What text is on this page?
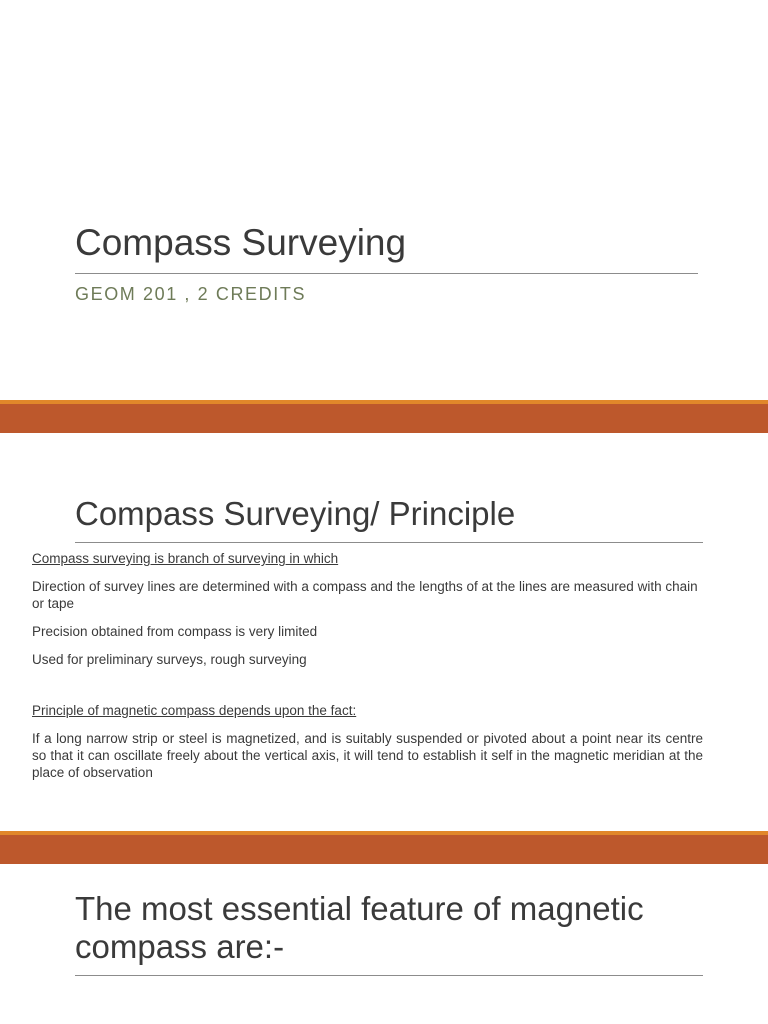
Compass Surveying
GEOM 201 , 2 CREDITS
Compass Surveying/ Principle

Compass surveying is branch of surveying in which

Direction of survey lines are determined with a compass and the lengths of at the lines are measured with chain or tape

Precision obtained from compass is very limited

Used for preliminary surveys, rough surveying

Principle of magnetic compass depends upon the fact:

If a long narrow strip or steel is magnetized, and is suitably suspended or pivoted about a point near its centre so that it can oscillate freely about the vertical axis, it will tend to establish it self in the magnetic meridian at the place of observation

The most essential feature of magnetic compass are:-
